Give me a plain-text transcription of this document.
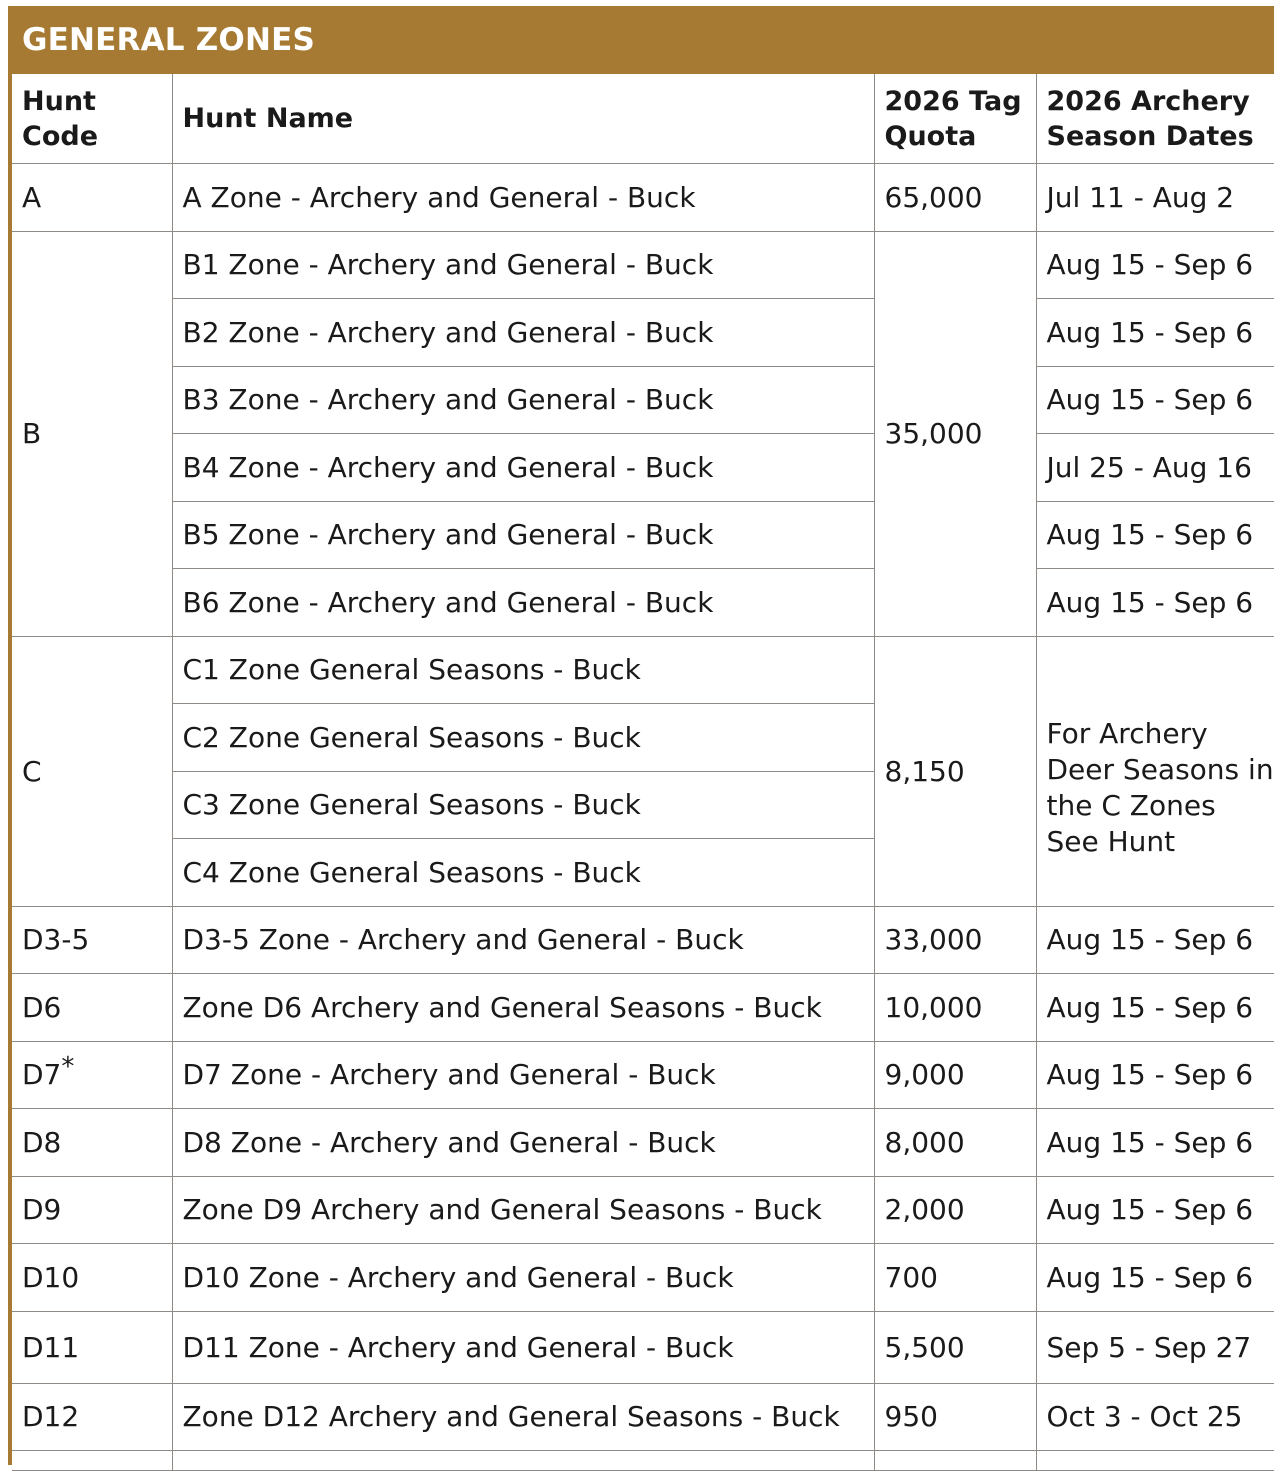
GENERAL ZONES
Hunt Code	Hunt Name	2026 Tag Quota	2026 Archery Season Dates

A	A Zone - Archery and General - Buck	65,000	Jul 11 - Aug 2
B	B1 Zone - Archery and General - Buck	35,000	Aug 15 - Sep 6
	B2 Zone - Archery and General - Buck		Aug 15 - Sep 6
	B3 Zone - Archery and General - Buck		Aug 15 - Sep 6
	B4 Zone - Archery and General - Buck		Jul 25 - Aug 16
	B5 Zone - Archery and General - Buck		Aug 15 - Sep 6
	B6 Zone - Archery and General - Buck		Aug 15 - Sep 6
C	C1 Zone General Seasons - Buck	8,150	For Archery Deer Seasons in the C Zones See Hunt
	C2 Zone General Seasons - Buck		
	C3 Zone General Seasons - Buck		
	C4 Zone General Seasons - Buck		
D3-5	D3-5 Zone - Archery and General - Buck	33,000	Aug 15 - Sep 6
D6	Zone D6 Archery and General Seasons - Buck	10,000	Aug 15 - Sep 6
D7*	D7 Zone - Archery and General - Buck	9,000	Aug 15 - Sep 6
D8	D8 Zone - Archery and General - Buck	8,000	Aug 15 - Sep 6
D9	Zone D9 Archery and General Seasons - Buck	2,000	Aug 15 - Sep 6
D10	D10 Zone - Archery and General - Buck	700	Aug 15 - Sep 6
D11	D11 Zone - Archery and General - Buck	5,500	Sep 5 - Sep 27
D12	Zone D12 Archery and General Seasons - Buck	950	Oct 3 - Oct 25
